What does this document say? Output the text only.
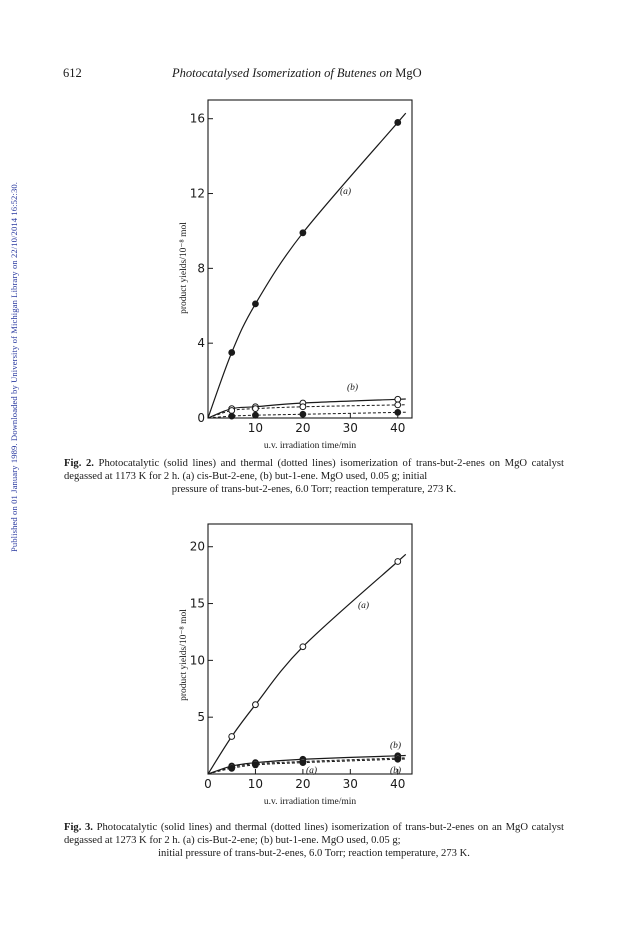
Published on 01 January 1989. Downloaded by University of Michigan Library on 22/10/2014 16:52:30.
612	Photocatalysed Isomerization of Butenes on MgO
10	20	30	40
0
4
8
12
16
u.v. irradiation time/min
product yields/10⁻⁸ mol
(a)
(b)
Fig. 2. Photocatalytic (solid lines) and thermal (dotted lines) isomerization of trans-but-2-enes on MgO catalyst degassed at 1173 K for 2 h. (a) cis-But-2-ene, (b) but-1-ene. MgO used, 0.05 g; initial
pressure of trans-but-2-enes, 6.0 Torr; reaction temperature, 273 K.
0	10	20	30	40
5
10
15
20
u.v. irradiation time/min
product yields/10⁻⁸ mol
(a)
(b)
(a)	(b)
Fig. 3. Photocatalytic (solid lines) and thermal (dotted lines) isomerization of trans-but-2-enes on an MgO catalyst degassed at 1273 K for 2 h. (a) cis-But-2-ene; (b) but-1-ene. MgO used, 0.05 g;
initial pressure of trans-but-2-enes, 6.0 Torr; reaction temperature, 273 K.
